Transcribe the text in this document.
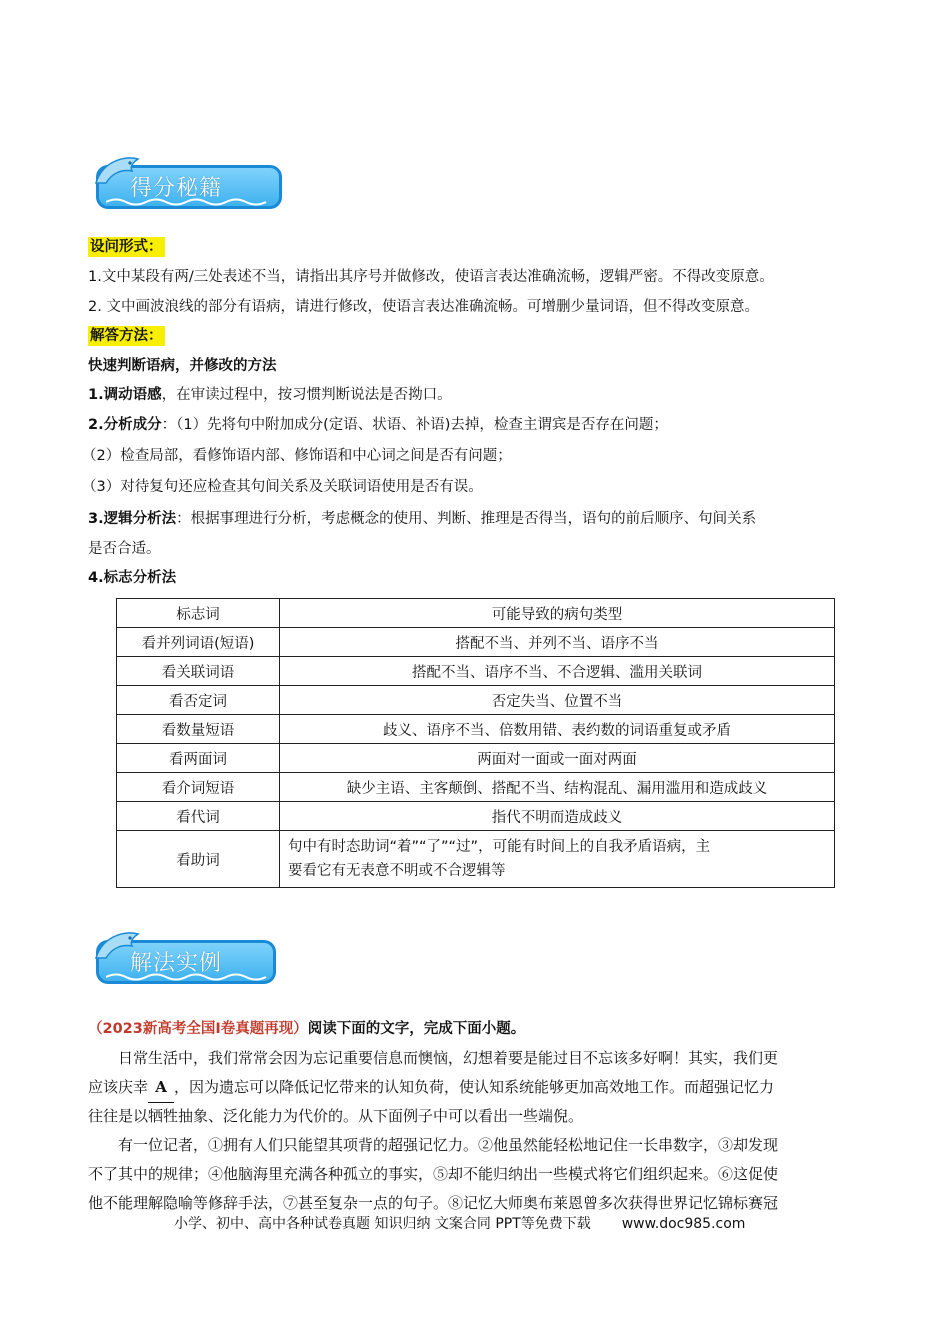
得分秘籍
设问形式：
1.文中某段有两/三处表述不当，请指出其序号并做修改，使语言表达准确流畅，逻辑严密。不得改变原意。
2. 文中画波浪线的部分有语病，请进行修改，使语言表达准确流畅。可增删少量词语，但不得改变原意。
解答方法：
快速判断语病，并修改的方法
1.调动语感，在审读过程中，按习惯判断说法是否拗口。
2.分析成分：（1）先将句中附加成分(定语、状语、补语)去掉，检查主谓宾是否存在问题；
（2）检查局部，看修饰语内部、修饰语和中心词之间是否有问题；
（3）对待复句还应检查其句间关系及关联词语使用是否有误。
3.逻辑分析法：根据事理进行分析，考虑概念的使用、判断、推理是否得当，语句的前后顺序、句间关系
是否合适。
4.标志分析法
标志词	可能导致的病句类型
看并列词语(短语)	搭配不当、并列不当、语序不当
看关联词语	搭配不当、语序不当、不合逻辑、滥用关联词
看否定词	否定失当、位置不当
看数量短语	歧义、语序不当、倍数用错、表约数的词语重复或矛盾
看两面词	两面对一面或一面对两面
看介词短语	缺少主语、主客颠倒、搭配不当、结构混乱、漏用滥用和造成歧义
看代词	指代不明而造成歧义
看助词	句中有时态助词“着”“了”“过”，可能有时间上的自我矛盾语病，主
要看它有无表意不明或不合逻辑等
解法实例
（2023新高考全国I卷真题再现）阅读下面的文字，完成下面小题。
日常生活中，我们常常会因为忘记重要信息而懊恼，幻想着要是能过目不忘该多好啊！其实，我们更
应该庆幸 A ，因为遗忘可以降低记忆带来的认知负荷，使认知系统能够更加高效地工作。而超强记忆力
往往是以牺牲抽象、泛化能力为代价的。从下面例子中可以看出一些端倪。
有一位记者，①拥有人们只能望其项背的超强记忆力。②他虽然能轻松地记住一长串数字，③却发现
不了其中的规律；④他脑海里充满各种孤立的事实，⑤却不能归纳出一些模式将它们组织起来。⑥这促使
他不能理解隐喻等修辞手法，⑦甚至复杂一点的句子。⑧记忆大师奥布莱恩曾多次获得世界记忆锦标赛冠
小学、初中、高中各种试卷真题 知识归纳 文案合同 PPT等免费下载 www.doc985.com
